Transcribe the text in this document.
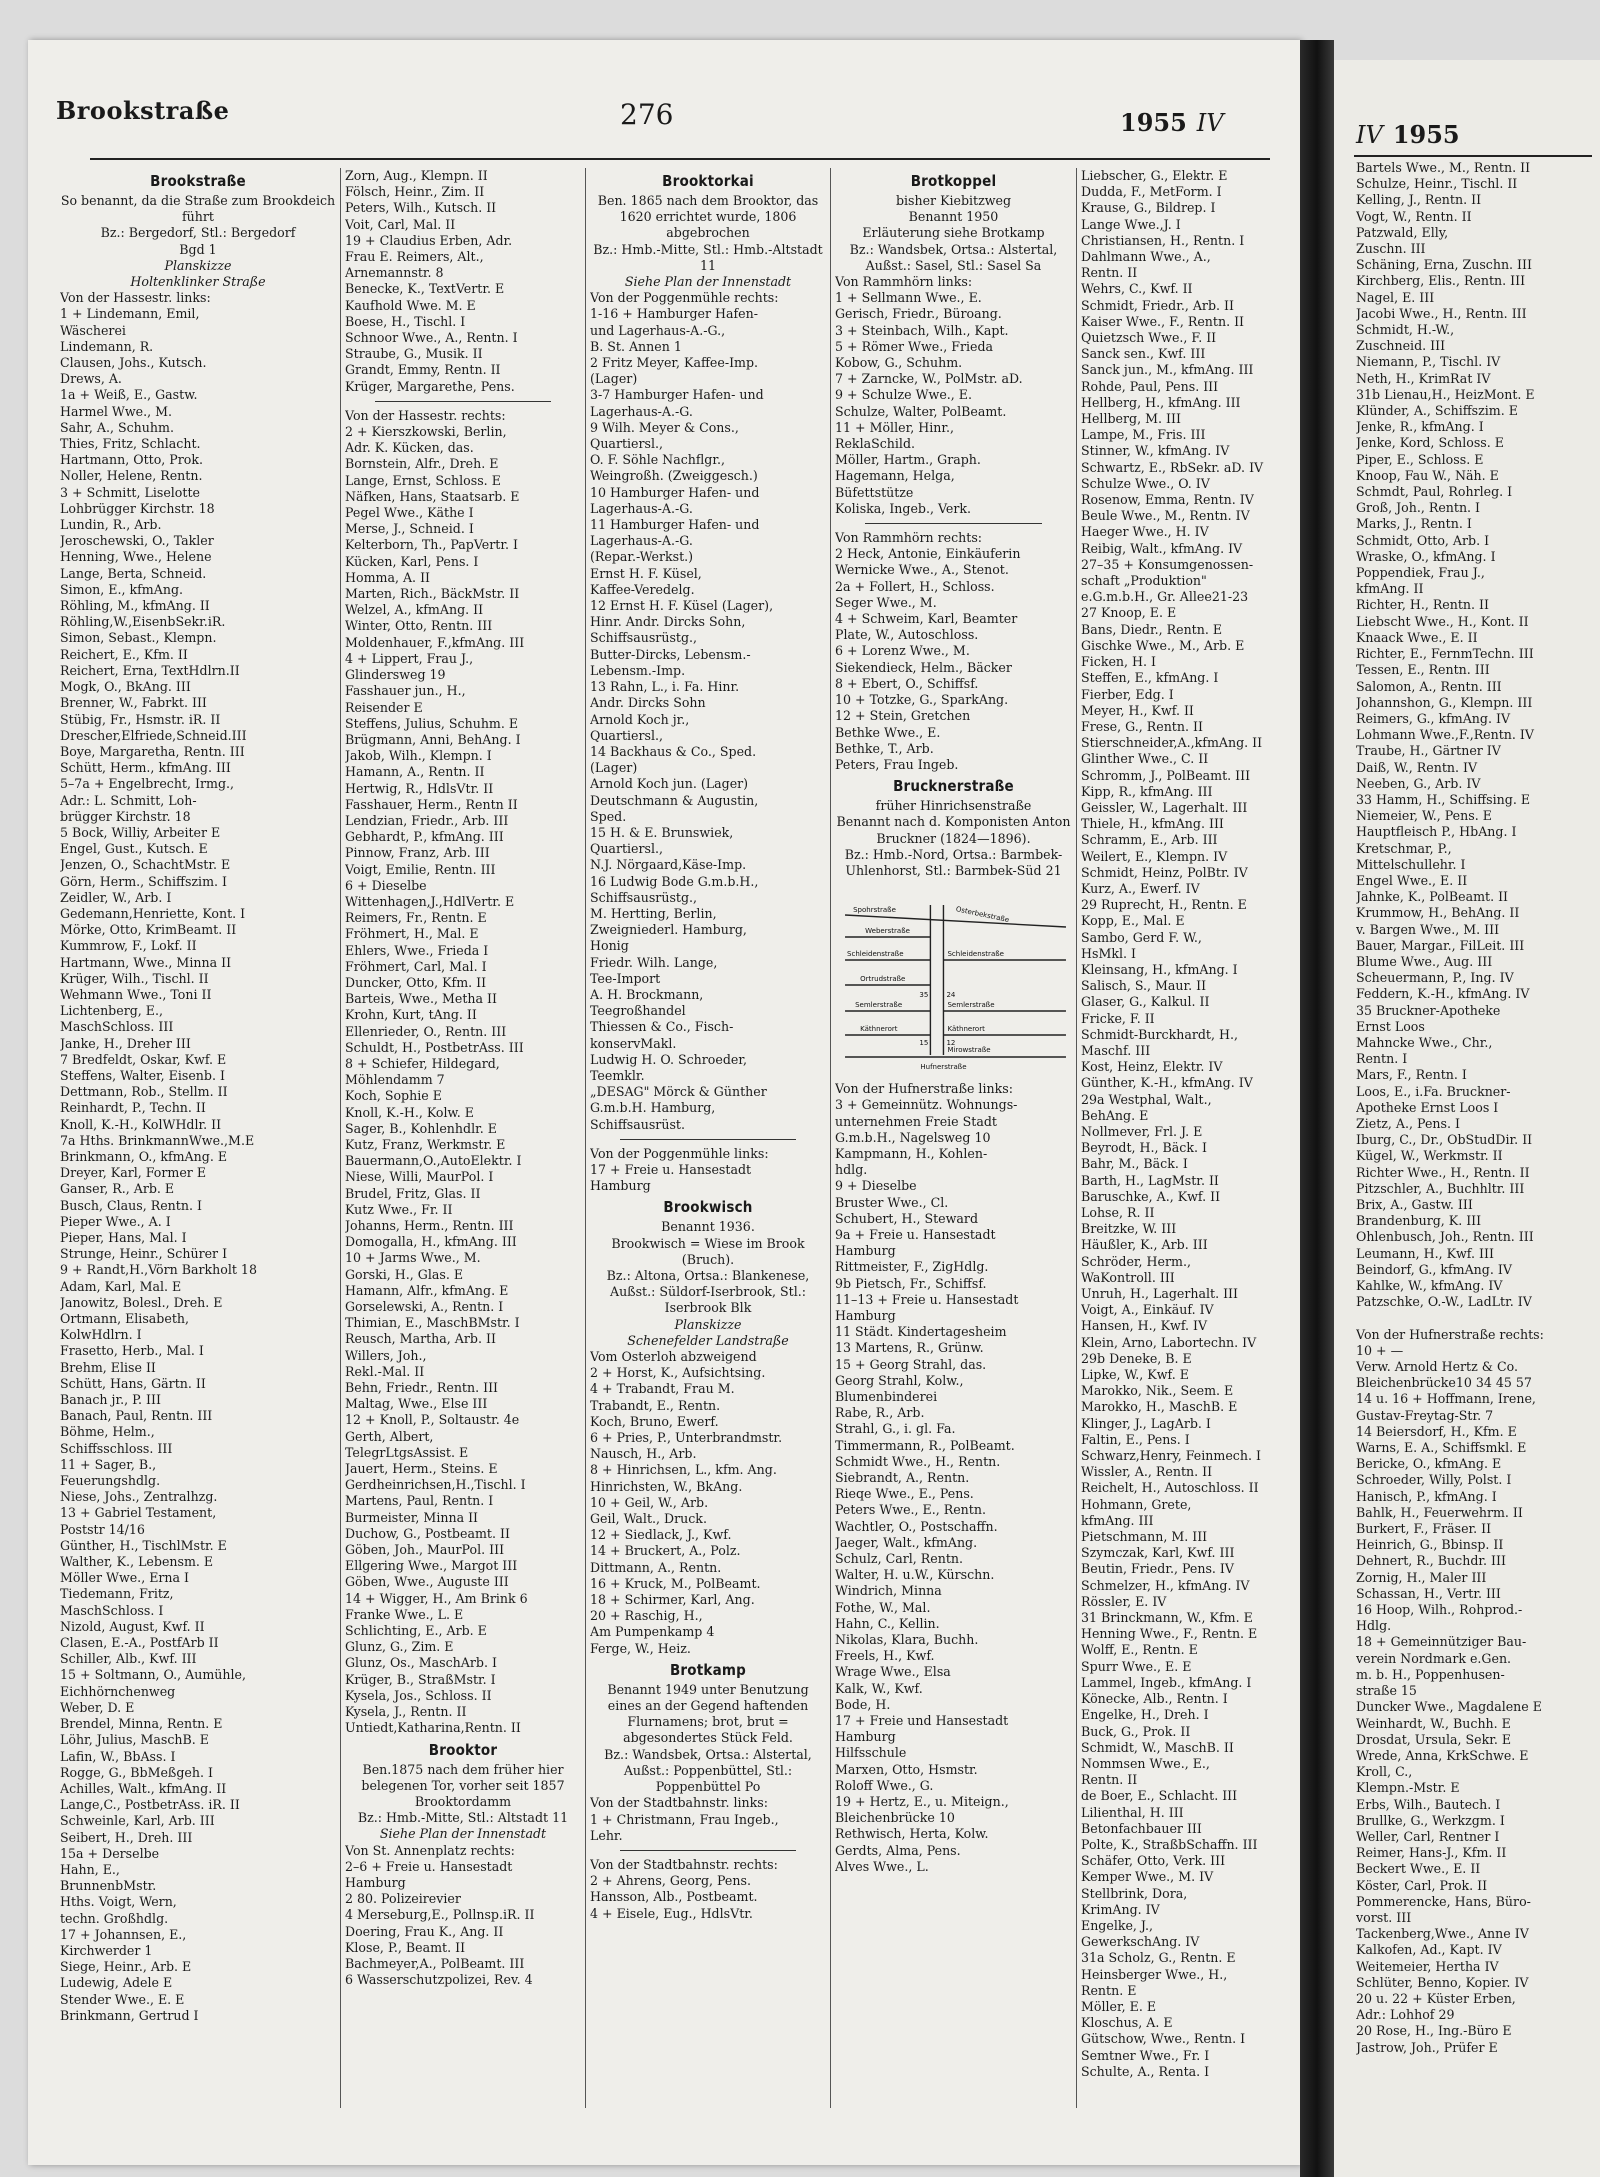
IV 1955
Bartels Wwe., M., Rentn. II
Schulze, Heinr., Tischl. II
Kelling, J., Rentn. II
Vogt, W., Rentn. II
Patzwald, Elly,
Zuschn. III
Schäning, Erna, Zuschn. III
Kirchberg, Elis., Rentn. III
Nagel, E. III
Jacobi Wwe., H., Rentn. III
Schmidt, H.-W.,
Zuschneid. III
Niemann, P., Tischl. IV
Neth, H., KrimRat IV
31b Lienau,H., HeizMont. E
Klünder, A., Schiffszim. E
Jenke, R., kfmAng. I
Jenke, Kord, Schloss. E
Piper, E., Schloss. E
Knoop, Fau W., Näh. E
Schmdt, Paul, Rohrleg. I
Groß, Joh., Rentn. I
Marks, J., Rentn. I
Schmidt, Otto, Arb. I
Wraske, O., kfmAng. I
Poppendiek, Frau J.,
kfmAng. II
Richter, H., Rentn. II
Liebscht Wwe., H., Kont. II
Knaack Wwe., E. II
Richter, E., FernmTechn. III
Tessen, E., Rentn. III
Salomon, A., Rentn. III
Johannshon, G., Klempn. III
Reimers, G., kfmAng. IV
Lohmann Wwe.,F.,Rentn. IV
Traube, H., Gärtner IV
Daiß, W., Rentn. IV
Neeben, G., Arb. IV
33 Hamm, H., Schiffsing. E
Niemeier, W., Pens. E
Hauptfleisch P., HbAng. I
Kretschmar, P.,
Mittelschullehr. I
Engel Wwe., E. II
Jahnke, K., PolBeamt. II
Krummow, H., BehAng. II
v. Bargen Wwe., M. III
Bauer, Margar., FilLeit. III
Blume Wwe., Aug. III
Scheuermann, P., Ing. IV
Feddern, K.-H., kfmAng. IV
35 Bruckner-Apotheke
Ernst Loos
Mahncke Wwe., Chr.,
Rentn. I
Mars, F., Rentn. I
Loos, E., i.Fa. Bruckner-
Apotheke Ernst Loos I
Zietz, A., Pens. I
Iburg, C., Dr., ObStudDir. II
Kügel, W., Werkmstr. II
Richter Wwe., H., Rentn. II
Pitzschler, A., Buchhltr. III
Brix, A., Gastw. III
Brandenburg, K. III
Ohlenbusch, Joh., Rentn. III
Leumann, H., Kwf. III
Beindorf, G., kfmAng. IV
Kahlke, W., kfmAng. IV
Patzschke, O.-W., LadLtr. IV

Von der Hufnerstraße rechts:
10 + —
Verw. Arnold Hertz & Co.
Bleichenbrücke10 34 45 57
14 u. 16 + Hoffmann, Irene,
Gustav-Freytag-Str. 7
14 Beiersdorf, H., Kfm. E
Warns, E. A., Schiffsmkl. E
Bericke, O., kfmAng. E
Schroeder, Willy, Polst. I
Hanisch, P., kfmAng. I
Bahlk, H., Feuerwehrm. II
Burkert, F., Fräser. II
Heinrich, G., Bbinsp. II
Dehnert, R., Buchdr. III
Zornig, H., Maler III
Schassan, H., Vertr. III
16 Hoop, Wilh., Rohprod.-
Hdlg.
18 + Gemeinnütziger Bau-
verein Nordmark e.Gen.
m. b. H., Poppenhusen-
straße 15
Duncker Wwe., Magdalene E
Weinhardt, W., Buchh. E
Drosdat, Ursula, Sekr. E
Wrede, Anna, KrkSchwe. E
Kroll, C.,
Klempn.-Mstr. E
Erbs, Wilh., Bautech. I
Brullke, G., Werkzgm. I
Weller, Carl, Rentner I
Reimer, Hans-J., Kfm. II
Beckert Wwe., E. II
Köster, Carl, Prok. II
Pommerencke, Hans, Büro-
vorst. III
Tackenberg,Wwe., Anne IV
Kalkofen, Ad., Kapt. IV
Weitemeier, Hertha IV
Schlüter, Benno, Kopier. IV
20 u. 22 + Küster Erben,
Adr.: Lohhof 29
20 Rose, H., Ing.-Büro E
Jastrow, Joh., Prüfer E
Brookstraße	276	1955 IV
Brookstraße
So benannt, da die Straße zum Brookdeich führt
Bz.: Bergedorf, Stl.: Bergedorf
Bgd 1
Planskizze
Holtenklinker Straße
Von der Hassestr. links:
1 + Lindemann, Emil,
Wäscherei
Lindemann, R.
Clausen, Johs., Kutsch.
Drews, A.
1a + Weiß, E., Gastw.
Harmel Wwe., M.
Sahr, A., Schuhm.
Thies, Fritz, Schlacht.
Hartmann, Otto, Prok.
Noller, Helene, Rentn.
3 + Schmitt, Liselotte
Lohbrügger Kirchstr. 18
Lundin, R., Arb.
Jeroschewski, O., Takler
Henning, Wwe., Helene
Lange, Berta, Schneid.
Simon, E., kfmAng.
Röhling, M., kfmAng. II
Röhling,W.,EisenbSekr.iR.
Simon, Sebast., Klempn.
Reichert, E., Kfm. II
Reichert, Erna, TextHdlrn.II
Mogk, O., BkAng. III
Brenner, W., Fabrkt. III
Stübig, Fr., Hsmstr. iR. II
Drescher,Elfriede,Schneid.III
Boye, Margaretha, Rentn. III
Schütt, Herm., kfmAng. III
5–7a + Engelbrecht, Irmg.,
Adr.: L. Schmitt, Loh-
brügger Kirchstr. 18
5 Bock, Williy, Arbeiter E
Engel, Gust., Kutsch. E
Jenzen, O., SchachtMstr. E
Görn, Herm., Schiffszim. I
Zeidler, W., Arb. I
Gedemann,Henriette, Kont. I
Mörke, Otto, KrimBeamt. II
Kummrow, F., Lokf. II
Hartmann, Wwe., Minna II
Krüger, Wilh., Tischl. II
Wehmann Wwe., Toni II
Lichtenberg, E.,
MaschSchloss. III
Janke, H., Dreher III
7 Bredfeldt, Oskar, Kwf. E
Steffens, Walter, Eisenb. I
Dettmann, Rob., Stellm. II
Reinhardt, P., Techn. II
Knoll, K.-H., KolWHdlr. II
7a Hths. BrinkmannWwe.,M.E
Brinkmann, O., kfmAng. E
Dreyer, Karl, Former E
Ganser, R., Arb. E
Busch, Claus, Rentn. I
Pieper Wwe., A. I
Pieper, Hans, Mal. I
Strunge, Heinr., Schürer I
9 + Randt,H.,Vörn Barkholt 18
Adam, Karl, Mal. E
Janowitz, Bolesl., Dreh. E
Ortmann, Elisabeth,
KolwHdlrn. I
Frasetto, Herb., Mal. I
Brehm, Elise II
Schütt, Hans, Gärtn. II
Banach jr., P. III
Banach, Paul, Rentn. III
Böhme, Helm.,
Schiffsschloss. III
11 + Sager, B.,
Feuerungshdlg.
Niese, Johs., Zentralhzg.
13 + Gabriel Testament,
Poststr 14/16
Günther, H., TischlMstr. E
Walther, K., Lebensm. E
Möller Wwe., Erna I
Tiedemann, Fritz,
MaschSchloss. I
Nizold, August, Kwf. II
Clasen, E.-A., PostfArb II
Schiller, Alb., Kwf. III
15 + Soltmann, O., Aumühle,
Eichhörnchenweg
Weber, D. E
Brendel, Minna, Rentn. E
Löhr, Julius, MaschB. E
Lafin, W., BbAss. I
Rogge, G., BbMeßgeh. I
Achilles, Walt., kfmAng. II
Lange,C., PostbetrAss. iR. II
Schweinle, Karl, Arb. III
Seibert, H., Dreh. III
15a + Derselbe
Hahn, E.,
BrunnenbMstr.
Hths. Voigt, Wern,
techn. Großhdlg.
17 + Johannsen, E.,
Kirchwerder 1
Siege, Heinr., Arb. E
Ludewig, Adele E
Stender Wwe., E. E
Brinkmann, Gertrud I
Zorn, Aug., Klempn. II
Fölsch, Heinr., Zim. II
Peters, Wilh., Kutsch. II
Voit, Carl, Mal. II
19 + Claudius Erben, Adr.
Frau E. Reimers, Alt.,
Arnemannstr. 8
Benecke, K., TextVertr. E
Kaufhold Wwe. M. E
Boese, H., Tischl. I
Schnoor Wwe., A., Rentn. I
Straube, G., Musik. II
Grandt, Emmy, Rentn. II
Krüger, Margarethe, Pens.
Von der Hassestr. rechts:
2 + Kierszkowski, Berlin,
Adr. K. Kücken, das.
Bornstein, Alfr., Dreh. E
Lange, Ernst, Schloss. E
Näfken, Hans, Staatsarb. E
Pegel Wwe., Käthe I
Merse, J., Schneid. I
Kelterborn, Th., PapVertr. I
Kücken, Karl, Pens. I
Homma, A. II
Marten, Rich., BäckMstr. II
Welzel, A., kfmAng. II
Winter, Otto, Rentn. III
Moldenhauer, F.,kfmAng. III
4 + Lippert, Frau J.,
Glindersweg 19
Fasshauer jun., H.,
Reisender E
Steffens, Julius, Schuhm. E
Brügmann, Anni, BehAng. I
Jakob, Wilh., Klempn. I
Hamann, A., Rentn. II
Hertwig, R., HdlsVtr. II
Fasshauer, Herm., Rentn II
Lendzian, Friedr., Arb. III
Gebhardt, P., kfmAng. III
Pinnow, Franz, Arb. III
Voigt, Emilie, Rentn. III
6 + Dieselbe
Wittenhagen,J.,HdlVertr. E
Reimers, Fr., Rentn. E
Fröhmert, H., Mal. E
Ehlers, Wwe., Frieda I
Fröhmert, Carl, Mal. I
Duncker, Otto, Kfm. II
Barteis, Wwe., Metha II
Krohn, Kurt, tAng. II
Ellenrieder, O., Rentn. III
Schuldt, H., PostbetrAss. III
8 + Schiefer, Hildegard,
Möhlendamm 7
Koch, Sophie E
Knoll, K.-H., Kolw. E
Sager, B., Kohlenhdlr. E
Kutz, Franz, Werkmstr. E
Bauermann,O.,AutoElektr. I
Niese, Willi, MaurPol. I
Brudel, Fritz, Glas. II
Kutz Wwe., Fr. II
Johanns, Herm., Rentn. III
Domogalla, H., kfmAng. III
10 + Jarms Wwe., M.
Gorski, H., Glas. E
Hamann, Alfr., kfmAng. E
Gorselewski, A., Rentn. I
Thimian, E., MaschBMstr. I
Reusch, Martha, Arb. II
Willers, Joh.,
Rekl.-Mal. II
Behn, Friedr., Rentn. III
Maltag, Wwe., Else III
12 + Knoll, P., Soltaustr. 4e
Gerth, Albert,
TelegrLtgsAssist. E
Jauert, Herm., Steins. E
Gerdheinrichsen,H.,Tischl. I
Martens, Paul, Rentn. I
Burmeister, Minna II
Duchow, G., Postbeamt. II
Göben, Joh., MaurPol. III
Ellgering Wwe., Margot III
Göben, Wwe., Auguste III
14 + Wigger, H., Am Brink 6
Franke Wwe., L. E
Schlichting, E., Arb. E
Glunz, G., Zim. E
Glunz, Os., MaschArb. I
Krüger, B., StraßMstr. I
Kysela, Jos., Schloss. II
Kysela, J., Rentn. II
Untiedt,Katharina,Rentn. II
Brooktor
Ben.1875 nach dem früher hier belegenen Tor, vorher seit 1857 Brooktordamm
Bz.: Hmb.-Mitte, Stl.: Altstadt 11
Siehe Plan der Innenstadt
Von St. Annenplatz rechts:
2–6 + Freie u. Hansestadt
Hamburg
2 80. Polizeirevier
4 Merseburg,E., Pollnsp.iR. II
Doering, Frau K., Ang. II
Klose, P., Beamt. II
Bachmeyer,A., PolBeamt. III
6 Wasserschutzpolizei, Rev. 4
Brooktorkai
Ben. 1865 nach dem Brooktor, das 1620 errichtet wurde, 1806 abgebrochen
Bz.: Hmb.-Mitte, Stl.: Hmb.-Altstadt 11
Siehe Plan der Innenstadt
Von der Poggenmühle rechts:
1-16 + Hamburger Hafen-
und Lagerhaus-A.-G.,
B. St. Annen 1
2 Fritz Meyer, Kaffee-Imp.
(Lager)
3-7 Hamburger Hafen- und
Lagerhaus-A.-G.
9 Wilh. Meyer & Cons.,
Quartiersl.,
O. F. Söhle Nachflgr.,
Weingroßh. (Zweiggesch.)
10 Hamburger Hafen- und
Lagerhaus-A.-G.
11 Hamburger Hafen- und
Lagerhaus-A.-G.
(Repar.-Werkst.)
Ernst H. F. Küsel,
Kaffee-Veredelg.
12 Ernst H. F. Küsel (Lager),
Hinr. Andr. Dircks Sohn,
Schiffsausrüstg.,
Butter-Dircks, Lebensm.-
Lebensm.-Imp.
13 Rahn, L., i. Fa. Hinr.
Andr. Dircks Sohn
Arnold Koch jr.,
Quartiersl.,
14 Backhaus & Co., Sped.
(Lager)
Arnold Koch jun. (Lager)
Deutschmann & Augustin,
Sped.
15 H. & E. Brunswiek,
Quartiersl.,
N.J. Nörgaard,Käse-Imp.
16 Ludwig Bode G.m.b.H.,
Schiffsausrüstg.,
M. Hertting, Berlin,
Zweigniederl. Hamburg,
Honig
Friedr. Wilh. Lange,
Tee-Import
A. H. Brockmann,
Teegroßhandel
Thiessen & Co., Fisch-
konservMakl.
Ludwig H. O. Schroeder,
Teemklr.
„DESAG" Mörck & Günther
G.m.b.H. Hamburg,
Schiffsausrüst.
Von der Poggenmühle links:
17 + Freie u. Hansestadt
Hamburg
Brookwisch
Benannt 1936.
Brookwisch = Wiese im Brook (Bruch).
Bz.: Altona, Ortsa.: Blankenese, Außst.: Süldorf-Iserbrook, Stl.: Iserbrook Blk
Planskizze
Schenefelder Landstraße
Vom Osterloh abzweigend
2 + Horst, K., Aufsichtsing.
4 + Trabandt, Frau M.
Trabandt, E., Rentn.
Koch, Bruno, Ewerf.
6 + Pries, P., Unterbrandmstr.
Nausch, H., Arb.
8 + Hinrichsen, L., kfm. Ang.
Hinrichsten, W., BkAng.
10 + Geil, W., Arb.
Geil, Walt., Druck.
12 + Siedlack, J., Kwf.
14 + Bruckert, A., Polz.
Dittmann, A., Rentn.
16 + Kruck, M., PolBeamt.
18 + Schirmer, Karl, Ang.
20 + Raschig, H.,
Am Pumpenkamp 4
Ferge, W., Heiz.
Brotkamp
Benannt 1949 unter Benutzung eines an der Gegend haftenden Flurnamens; brot, brut = abgesondertes Stück Feld.
Bz.: Wandsbek, Ortsa.: Alstertal, Außst.: Poppenbüttel, Stl.: Poppenbüttel Po
Von der Stadtbahnstr. links:
1 + Christmann, Frau Ingeb.,
Lehr.
Von der Stadtbahnstr. rechts:
2 + Ahrens, Georg, Pens.
Hansson, Alb., Postbeamt.
4 + Eisele, Eug., HdlsVtr.
Brotkoppel
bisher Kiebitzweg
Benannt 1950
Erläuterung siehe Brotkamp
Bz.: Wandsbek, Ortsa.: Alstertal, Außst.: Sasel, Stl.: Sasel Sa
Von Rammhörn links:
1 + Sellmann Wwe., E.
Gerisch, Friedr., Büroang.
3 + Steinbach, Wilh., Kapt.
5 + Römer Wwe., Frieda
Kobow, G., Schuhm.
7 + Zarncke, W., PolMstr. aD.
9 + Schulze Wwe., E.
Schulze, Walter, PolBeamt.
11 + Möller, Hinr.,
ReklaSchild.
Möller, Hartm., Graph.
Hagemann, Helga,
Büfettstütze
Koliska, Ingeb., Verk.
Von Rammhörn rechts:
2 Heck, Antonie, Einkäuferin
Wernicke Wwe., A., Stenot.
2a + Follert, H., Schloss.
Seger Wwe., M.
4 + Schweim, Karl, Beamter
Plate, W., Autoschloss.
6 + Lorenz Wwe., M.
Siekendieck, Helm., Bäcker
8 + Ebert, O., Schiffsf.
10 + Totzke, G., SparkAng.
12 + Stein, Gretchen
Bethke Wwe., E.
Bethke, T., Arb.
Peters, Frau Ingeb.
Brucknerstraße
früher Hinrichsenstraße
Benannt nach d. Komponisten Anton Bruckner (1824—1896).
Bz.: Hmb.-Nord, Ortsa.: Barmbek-Uhlenhorst, Stl.: Barmbek-Süd 21
Spohrstraße	Osterbekstraße
Weberstraße
Schleidenstraße	Schleidenstraße
Ortrudstraße
Semlerstraße	Semlerstraße
Käthnerort	Käthnerort
Mirowstraße
Hufnerstraße
35	24
15	12
Von der Hufnerstraße links:
3 + Gemeinnütz. Wohnungs-
unternehmen Freie Stadt
G.m.b.H., Nagelsweg 10
Kampmann, H., Kohlen-
hdlg.
9 + Dieselbe
Bruster Wwe., Cl.
Schubert, H., Steward
9a + Freie u. Hansestadt
Hamburg
Rittmeister, F., ZigHdlg.
9b Pietsch, Fr., Schiffsf.
11–13 + Freie u. Hansestadt
Hamburg
11 Städt. Kindertagesheim
13 Martens, R., Grünw.
15 + Georg Strahl, das.
Georg Strahl, Kolw.,
Blumenbinderei
Rabe, R., Arb.
Strahl, G., i. gl. Fa.
Timmermann, R., PolBeamt.
Schmidt Wwe., H., Rentn.
Siebrandt, A., Rentn.
Rieqe Wwe., E., Pens.
Peters Wwe., E., Rentn.
Wachtler, O., Postschaffn.
Jaeger, Walt., kfmAng.
Schulz, Carl, Rentn.
Walter, H. u.W., Kürschn.
Windrich, Minna
Fothe, W., Mal.
Hahn, C., Kellin.
Nikolas, Klara, Buchh.
Freels, H., Kwf.
Wrage Wwe., Elsa
Kalk, W., Kwf.
Bode, H.
17 + Freie und Hansestadt
Hamburg
Hilfsschule
Marxen, Otto, Hsmstr.
Roloff Wwe., G.
19 + Hertz, E., u. Miteign.,
Bleichenbrücke 10
Rethwisch, Herta, Kolw.
Gerdts, Alma, Pens.
Alves Wwe., L.
Liebscher, G., Elektr. E
Dudda, F., MetForm. I
Krause, G., Bildrep. I
Lange Wwe.,J. I
Christiansen, H., Rentn. I
Dahlmann Wwe., A.,
Rentn. II
Wehrs, C., Kwf. II
Schmidt, Friedr., Arb. II
Kaiser Wwe., F., Rentn. II
Quietzsch Wwe., F. II
Sanck sen., Kwf. III
Sanck jun., M., kfmAng. III
Rohde, Paul, Pens. III
Hellberg, H., kfmAng. III
Hellberg, M. III
Lampe, M., Fris. III
Stinner, W., kfmAng. IV
Schwartz, E., RbSekr. aD. IV
Schulze Wwe., O. IV
Rosenow, Emma, Rentn. IV
Beule Wwe., M., Rentn. IV
Haeger Wwe., H. IV
Reibig, Walt., kfmAng. IV
27–35 + Konsumgenossen-
schaft „Produktion"
e.G.m.b.H., Gr. Allee21-23
27 Knoop, E. E
Bans, Diedr., Rentn. E
Gischke Wwe., M., Arb. E
Ficken, H. I
Steffen, E., kfmAng. I
Fierber, Edg. I
Meyer, H., Kwf. II
Frese, G., Rentn. II
Stierschneider,A.,kfmAng. II
Glinther Wwe., C. II
Schromm, J., PolBeamt. III
Kipp, R., kfmAng. III
Geissler, W., Lagerhalt. III
Thiele, H., kfmAng. III
Schramm, E., Arb. III
Weilert, E., Klempn. IV
Schmidt, Heinz, PolBtr. IV
Kurz, A., Ewerf. IV
29 Ruprecht, H., Rentn. E
Kopp, E., Mal. E
Sambo, Gerd F. W.,
HsMkl. I
Kleinsang, H., kfmAng. I
Salisch, S., Maur. II
Glaser, G., Kalkul. II
Fricke, F. II
Schmidt-Burckhardt, H.,
Maschf. III
Kost, Heinz, Elektr. IV
Günther, K.-H., kfmAng. IV
29a Westphal, Walt.,
BehAng. E
Nollmever, Frl. J. E
Beyrodt, H., Bäck. I
Bahr, M., Bäck. I
Barth, H., LagMstr. II
Baruschke, A., Kwf. II
Lohse, R. II
Breitzke, W. III
Häußler, K., Arb. III
Schröder, Herm.,
WaKontroll. III
Unruh, H., Lagerhalt. III
Voigt, A., Einkäuf. IV
Hansen, H., Kwf. IV
Klein, Arno, Labortechn. IV
29b Deneke, B. E
Lipke, W., Kwf. E
Marokko, Nik., Seem. E
Marokko, H., MaschB. E
Klinger, J., LagArb. I
Faltin, E., Pens. I
Schwarz,Henry, Feinmech. I
Wissler, A., Rentn. II
Reichelt, H., Autoschloss. II
Hohmann, Grete,
kfmAng. III
Pietschmann, M. III
Szymczak, Karl, Kwf. III
Beutin, Friedr., Pens. IV
Schmelzer, H., kfmAng. IV
Rössler, E. IV
31 Brinckmann, W., Kfm. E
Henning Wwe., F., Rentn. E
Wolff, E., Rentn. E
Spurr Wwe., E. E
Lammel, Ingeb., kfmAng. I
Könecke, Alb., Rentn. I
Engelke, H., Dreh. I
Buck, G., Prok. II
Schmidt, W., MaschB. II
Nommsen Wwe., E.,
Rentn. II
de Boer, E., Schlacht. III
Lilienthal, H. III
Betonfachbauer III
Polte, K., StraßbSchaffn. III
Schäfer, Otto, Verk. III
Kemper Wwe., M. IV
Stellbrink, Dora,
KrimAng. IV
Engelke, J.,
GewerkschAng. IV
31a Scholz, G., Rentn. E
Heinsberger Wwe., H.,
Rentn. E
Möller, E. E
Kloschus, A. E
Gütschow, Wwe., Rentn. I
Semtner Wwe., Fr. I
Schulte, A., Renta. I
